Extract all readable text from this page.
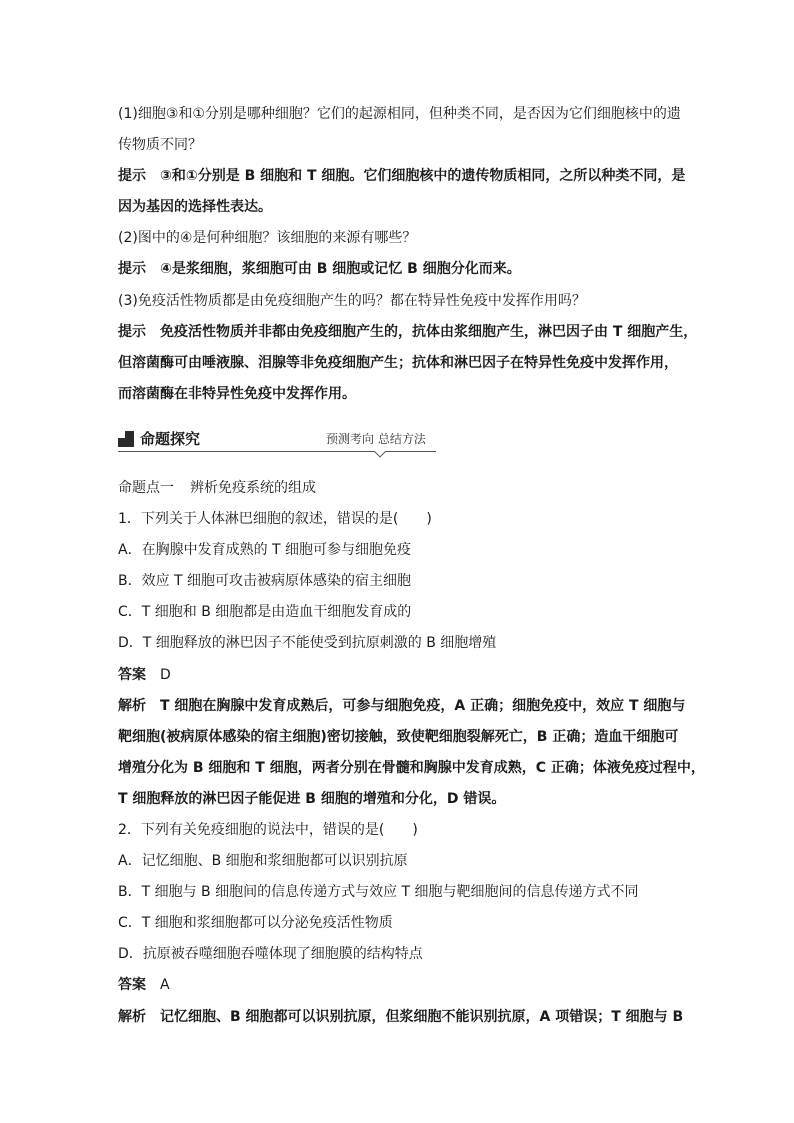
(1)细胞③和①分别是哪种细胞？它们的起源相同，但种类不同，是否因为它们细胞核中的遗
传物质不同？
提示 ③和①分别是 B 细胞和 T 细胞。它们细胞核中的遗传物质相同，之所以种类不同，是
因为基因的选择性表达。
(2)图中的④是何种细胞？该细胞的来源有哪些？
提示 ④是浆细胞，浆细胞可由 B 细胞或记忆 B 细胞分化而来。
(3)免疫活性物质都是由免疫细胞产生的吗？都在特异性免疫中发挥作用吗？
提示 免疫活性物质并非都由免疫细胞产生的，抗体由浆细胞产生，淋巴因子由 T 细胞产生，
但溶菌酶可由唾液腺、泪腺等非免疫细胞产生；抗体和淋巴因子在特异性免疫中发挥作用，
而溶菌酶在非特异性免疫中发挥作用。
命题探究	预测考向 总结方法
命题点一 辨析免疫系统的组成
1．下列关于人体淋巴细胞的叙述，错误的是(　　)
A．在胸腺中发育成熟的 T 细胞可参与细胞免疫
B．效应 T 细胞可攻击被病原体感染的宿主细胞
C．T 细胞和 B 细胞都是由造血干细胞发育成的
D．T 细胞释放的淋巴因子不能使受到抗原刺激的 B 细胞增殖
答案 D
解析 T 细胞在胸腺中发育成熟后，可参与细胞免疫，A 正确；细胞免疫中，效应 T 细胞与
靶细胞(被病原体感染的宿主细胞)密切接触，致使靶细胞裂解死亡，B 正确；造血干细胞可
增殖分化为 B 细胞和 T 细胞，两者分别在骨髓和胸腺中发育成熟，C 正确；体液免疫过程中，
T 细胞释放的淋巴因子能促进 B 细胞的增殖和分化，D 错误。
2．下列有关免疫细胞的说法中，错误的是(　　)
A．记忆细胞、B 细胞和浆细胞都可以识别抗原
B．T 细胞与 B 细胞间的信息传递方式与效应 T 细胞与靶细胞间的信息传递方式不同
C．T 细胞和浆细胞都可以分泌免疫活性物质
D．抗原被吞噬细胞吞噬体现了细胞膜的结构特点
答案 A
解析 记忆细胞、B 细胞都可以识别抗原，但浆细胞不能识别抗原，A 项错误；T 细胞与 B
